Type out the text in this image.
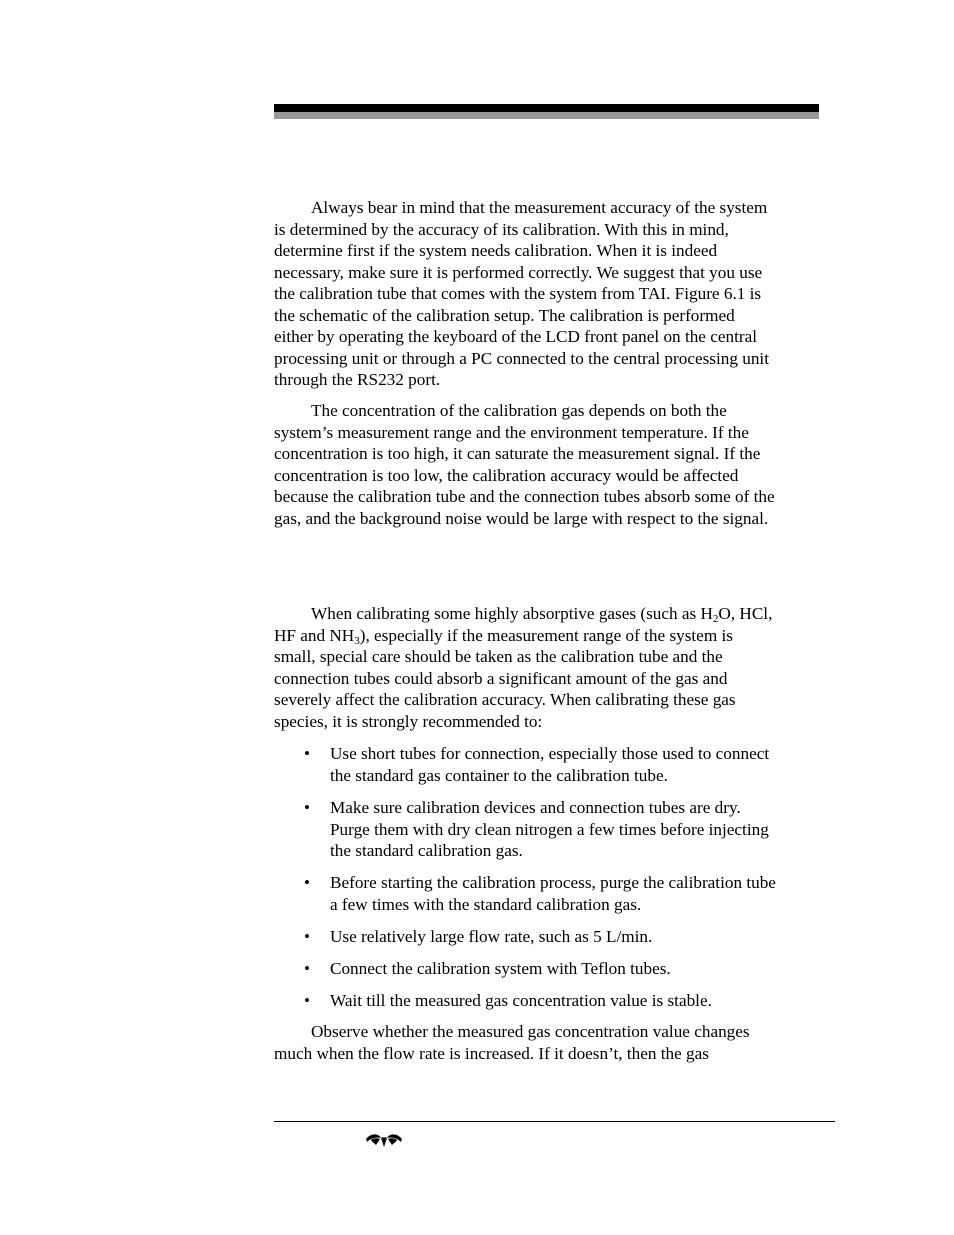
Always bear in mind that the measurement accuracy of the system
is determined by the accuracy of its calibration. With this in mind,
determine first if the system needs calibration. When it is indeed
necessary, make sure it is performed correctly. We suggest that you use
the calibration tube that comes with the system from TAI. Figure 6.1 is
the schematic of the calibration setup. The calibration is performed
either by operating the keyboard of the LCD front panel on the central
processing unit or through a PC connected to the central processing unit
through the RS232 port.
The concentration of the calibration gas depends on both the
system’s measurement range and the environment temperature. If the
concentration is too high, it can saturate the measurement signal. If the
concentration is too low, the calibration accuracy would be affected
because the calibration tube and the connection tubes absorb some of the
gas, and the background noise would be large with respect to the signal.
When calibrating some highly absorptive gases (such as $H_2O$, HCl,
HF and $NH_3$), especially if the measurement range of the system is
small, special care should be taken as the calibration tube and the
connection tubes could absorb a significant amount of the gas and
severely affect the calibration accuracy. When calibrating these gas
species, it is strongly recommended to:
• Use short tubes for connection, especially those used to connect
the standard gas container to the calibration tube.
• Make sure calibration devices and connection tubes are dry.
Purge them with dry clean nitrogen a few times before injecting
the standard calibration gas.
• Before starting the calibration process, purge the calibration tube
a few times with the standard calibration gas.
• Use relatively large flow rate, such as 5 L/min.
• Connect the calibration system with Teflon tubes.
• Wait till the measured gas concentration value is stable.
Observe whether the measured gas concentration value changes
much when the flow rate is increased. If it doesn’t, then the gas
